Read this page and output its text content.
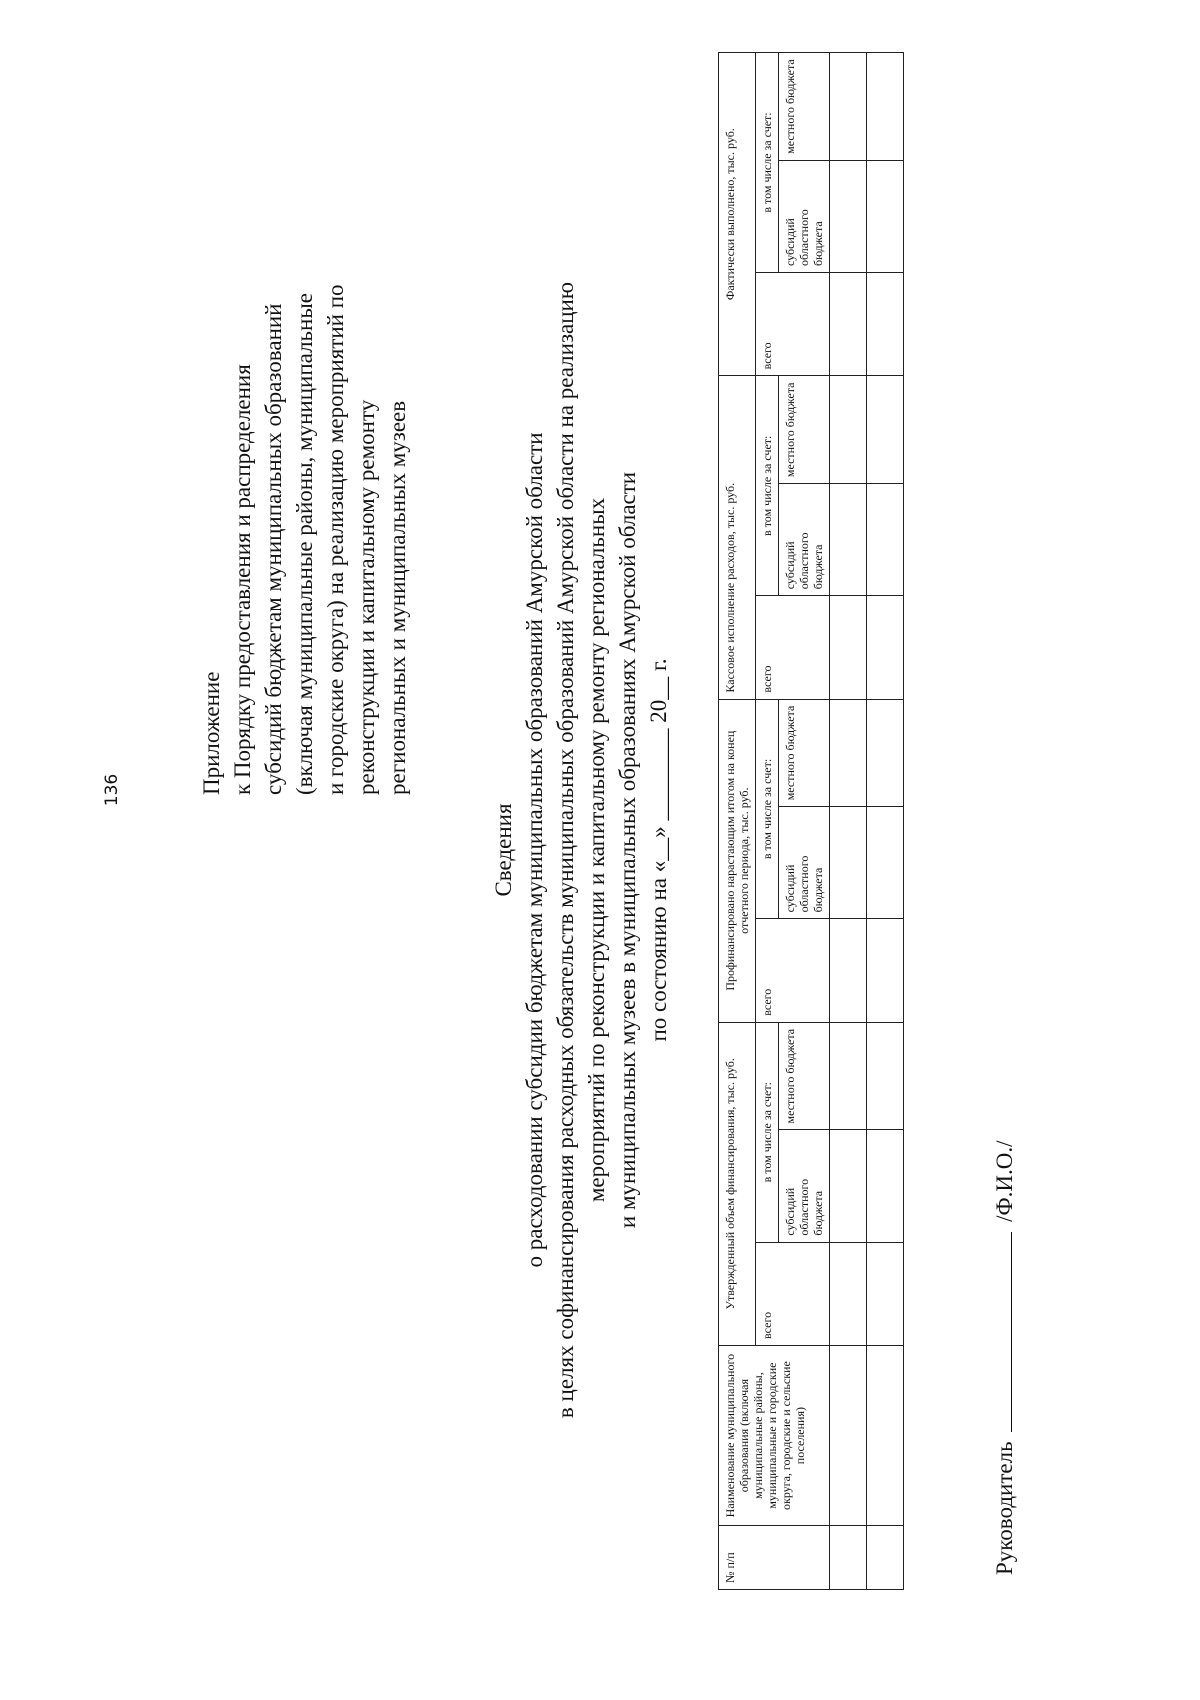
136	Приложение к Порядку предоставления и распределения субсидий бюджетам муниципальных образований (включая муниципальные районы, муниципальные и городские округа) на реализацию мероприятий по реконструкции и капитальному ремонту региональных и муниципальных музеев
Сведения о расходовании субсидии бюджетам муниципальных образований Амурской области в целях софинансирования расходных обязательств муниципальных образований Амурской области на реализацию мероприятий по реконструкции и капитальному ремонту региональных и муниципальных музеев в муниципальных образованиях Амурской области по состоянию на «__» ________ 20__ г.
№ п/п	Наименование муниципального образования (включая муниципальные районы, муниципальные и городские округа, городские и сельские поселения)	Утвержденный объем финансирования, тыс. руб.			Профинансировано нарастающим итогом на конец отчетного периода, тыс. руб.			Кассовое исполнение расходов, тыс. руб.			Фактически выполнено, тыс. руб.		
		всего	в том числе за счет:		всего	в том числе за счет:		всего	в том числе за счет:		всего	в том числе за счет:	
			субсидий областного бюджета	местного бюджета		субсидий областного бюджета	местного бюджета		субсидий областного бюджета	местного бюджета		субсидий областного бюджета	местного бюджета

Руководитель  /Ф.И.О./
